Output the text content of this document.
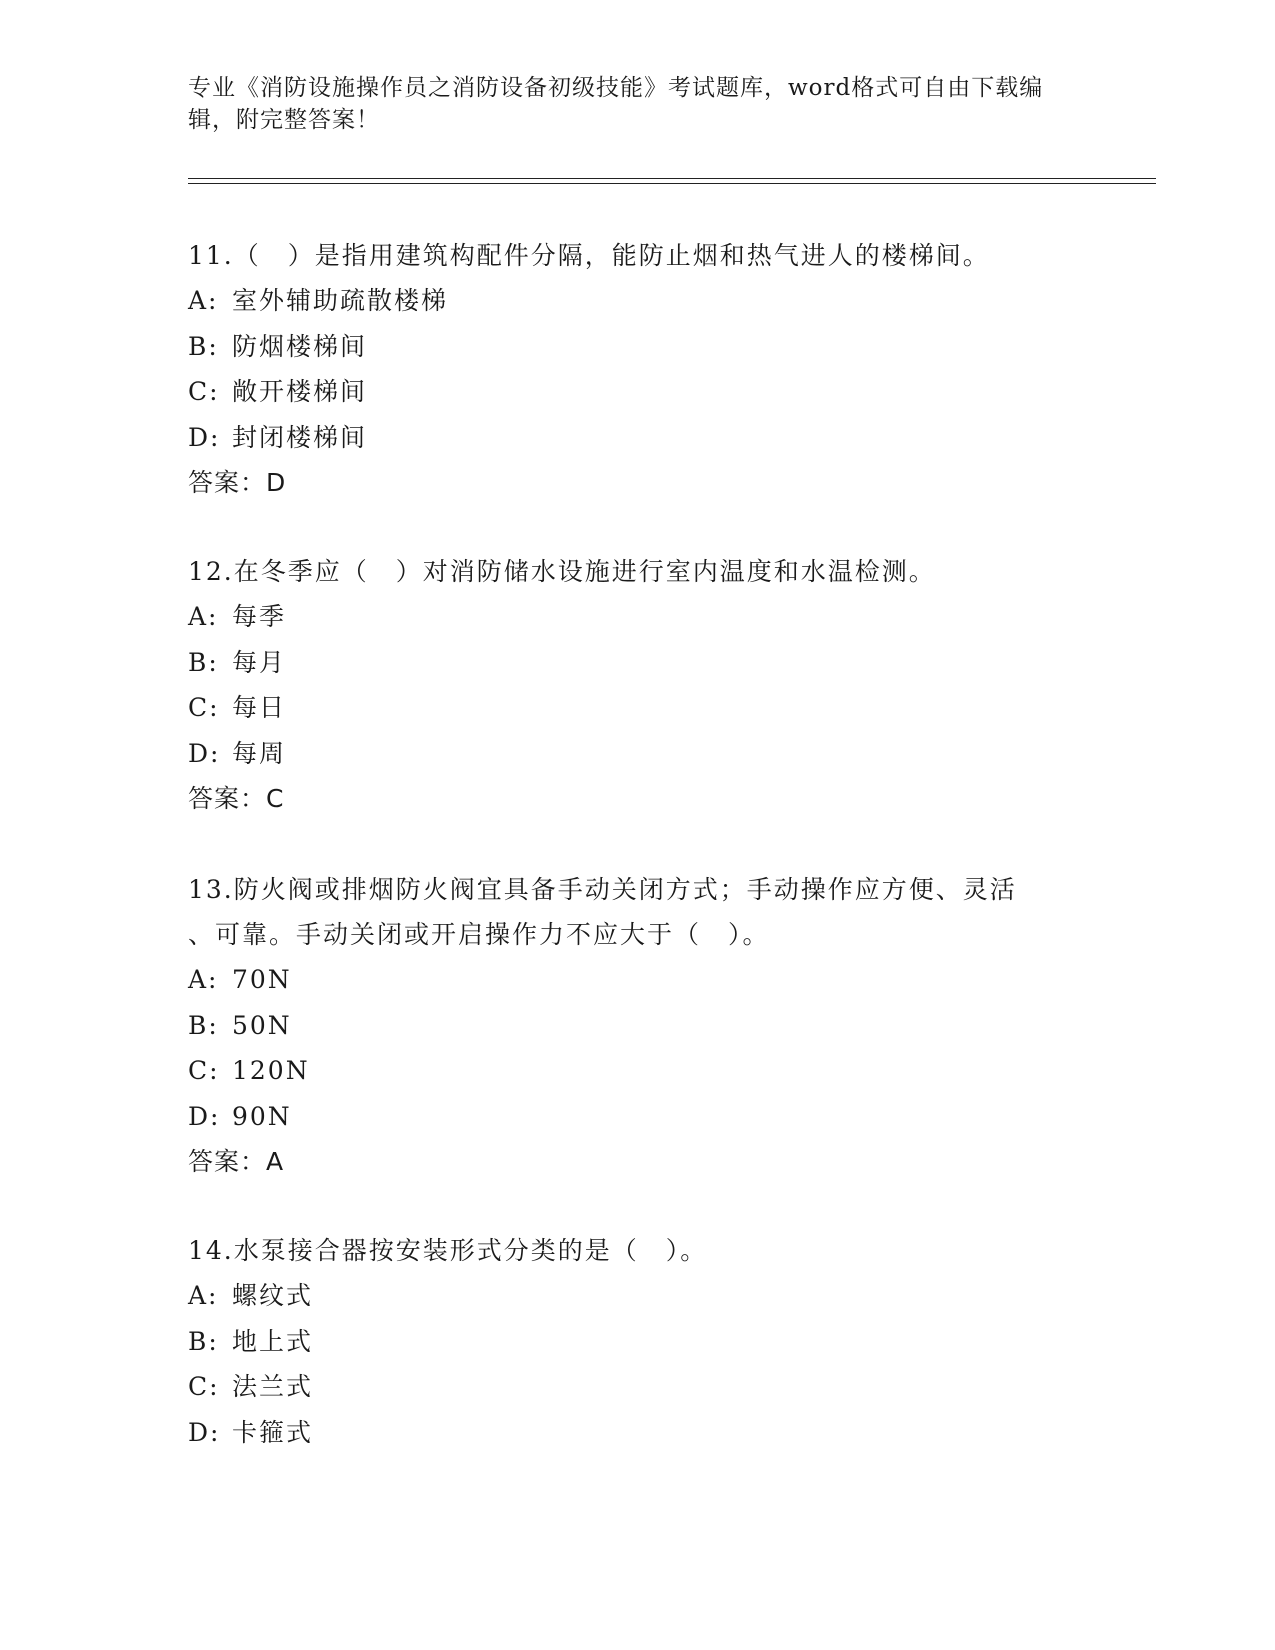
专业《消防设施操作员之消防设备初级技能》考试题库，word格式可自由下载编
辑，附完整答案！

11.（　）是指用建筑构配件分隔，能防止烟和热气进人的楼梯间。

A: 室外辅助疏散楼梯

B: 防烟楼梯间

C: 敞开楼梯间

D: 封闭楼梯间

答案：D

12.在冬季应（　）对消防储水设施进行室内温度和水温检测。

A: 每季

B: 每月

C: 每日

D: 每周

答案：C

13.防火阀或排烟防火阀宜具备手动关闭方式；手动操作应方便、灵活

、可靠。手动关闭或开启操作力不应大于（　）。

A: 70N

B: 50N

C: 120N

D: 90N

答案：A

14.水泵接合器按安装形式分类的是（　）。

A: 螺纹式

B: 地上式

C: 法兰式

D: 卡箍式
